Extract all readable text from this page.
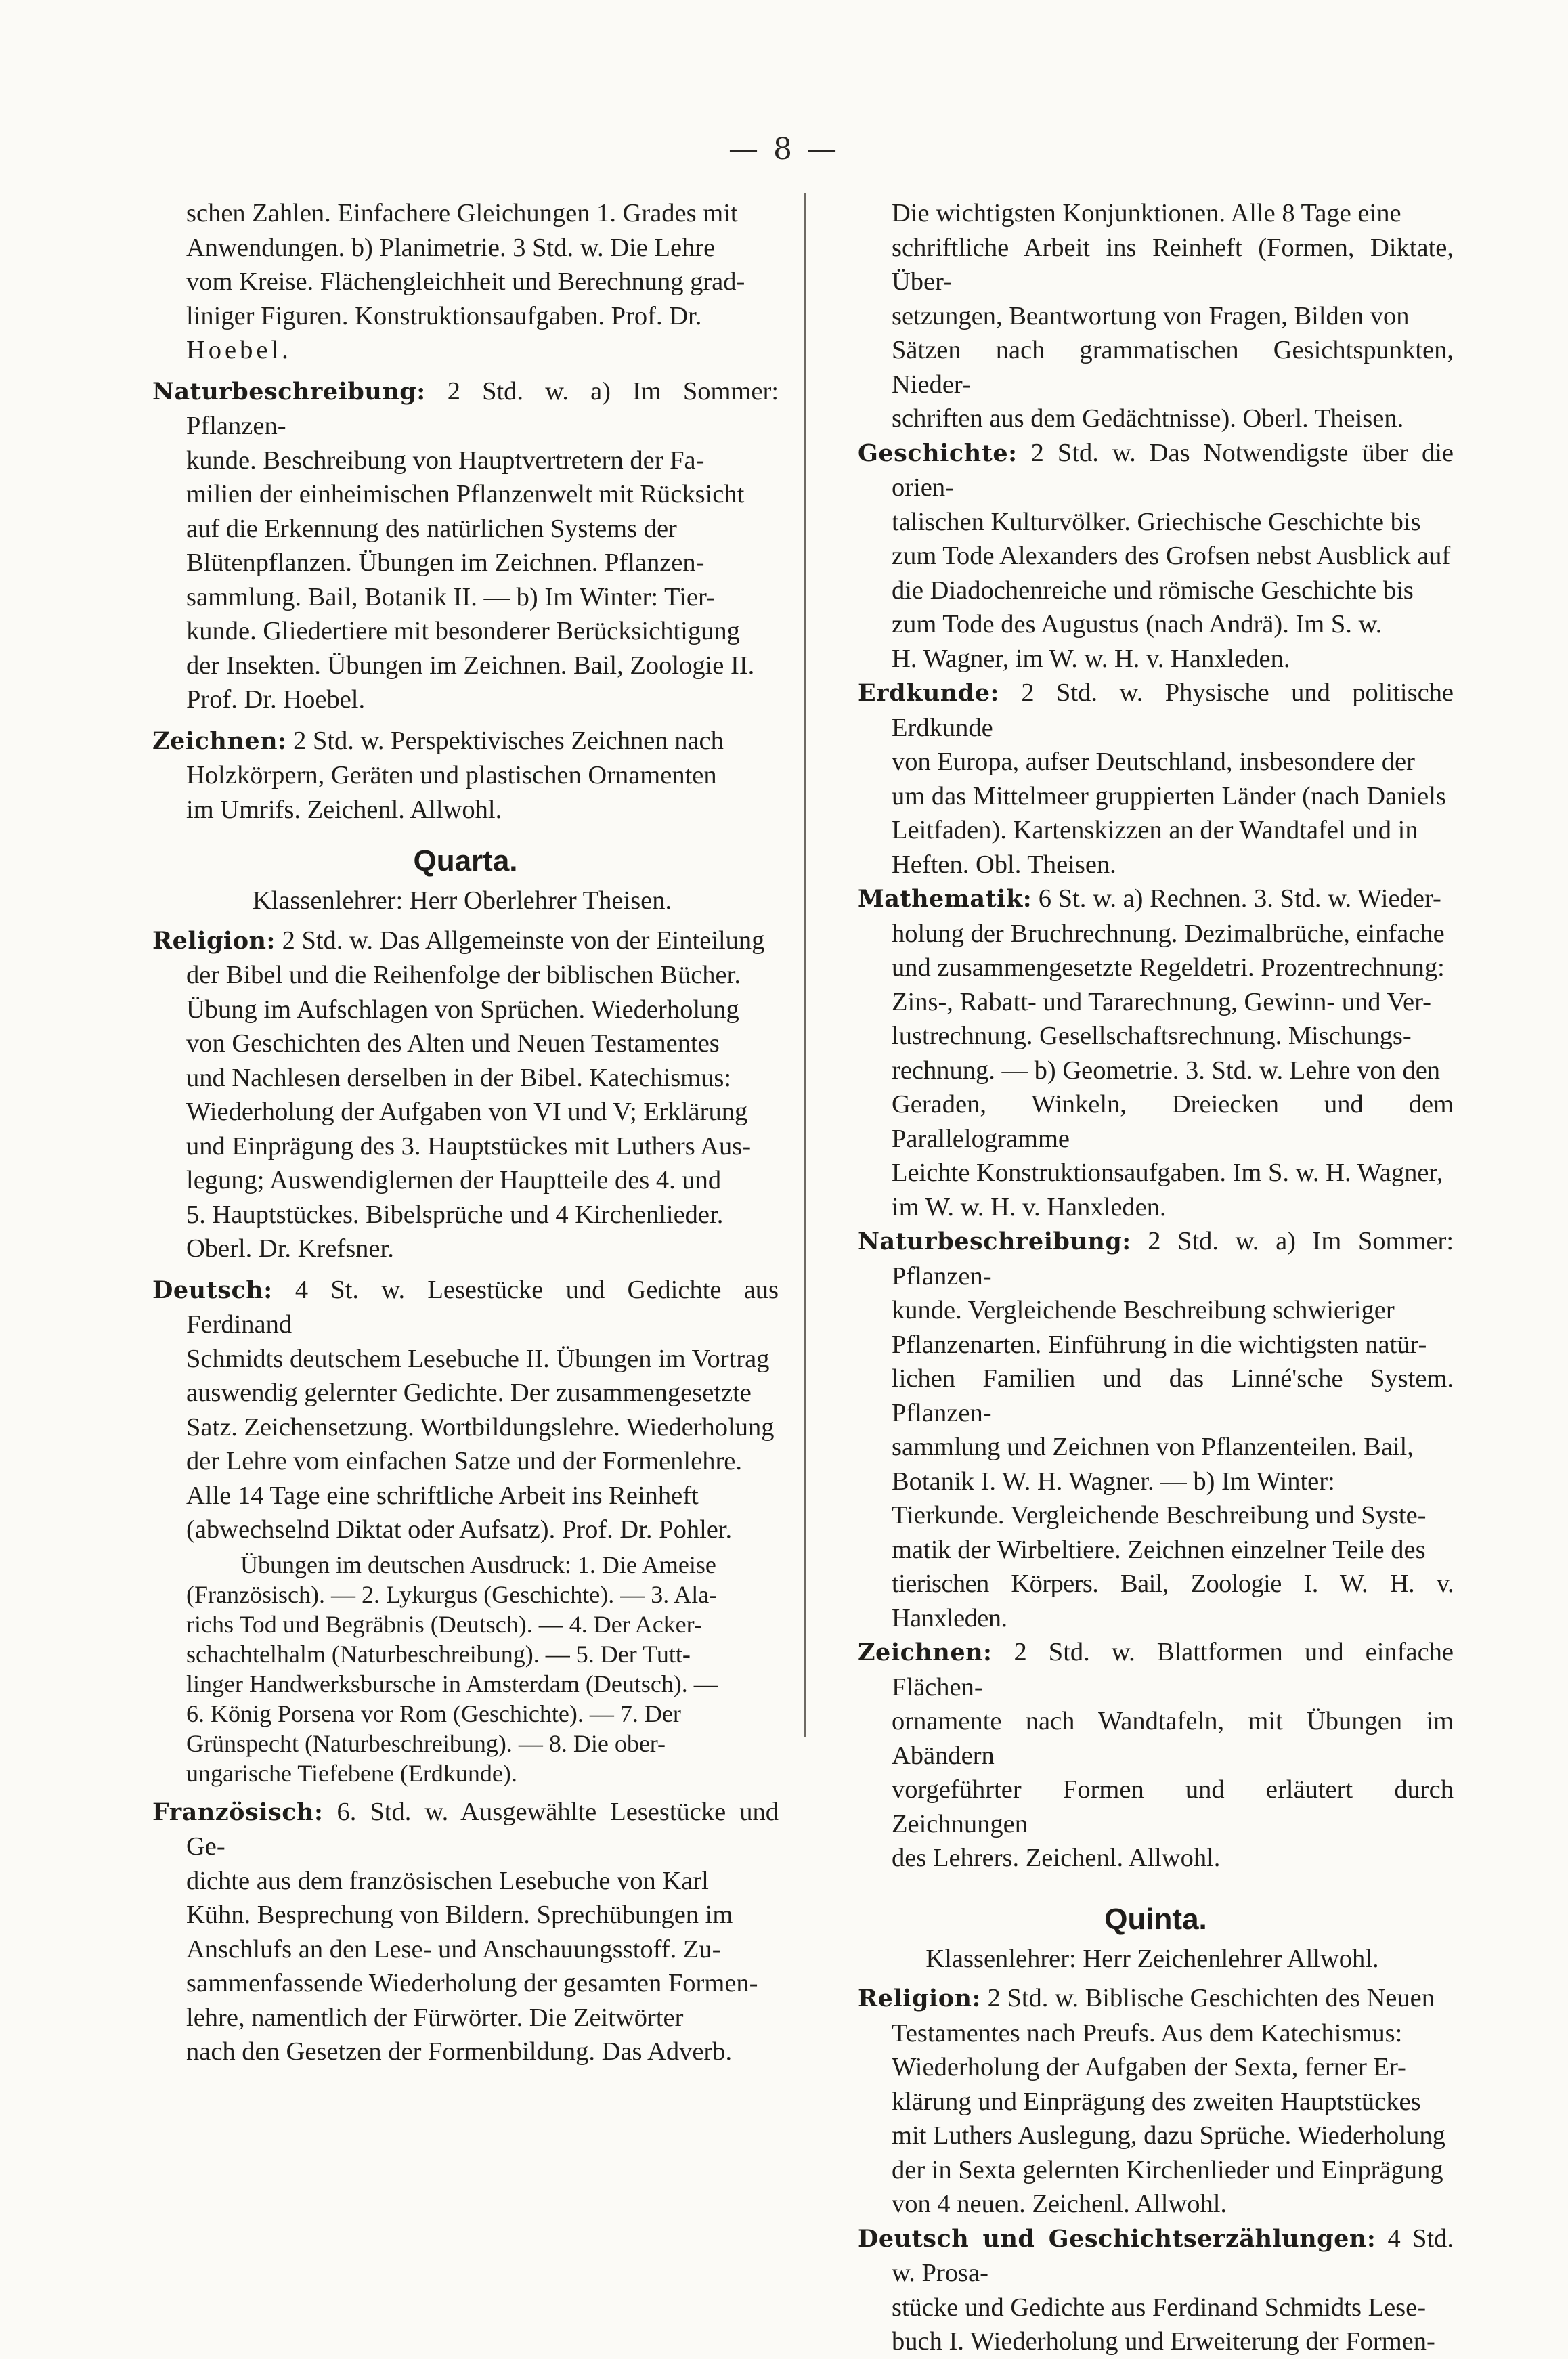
— 8 —
schen Zahlen. Einfachere Gleichungen 1. Grades mit
Anwendungen. b) Planimetrie. 3 Std. w. Die Lehre
vom Kreise. Flächengleichheit und Berechnung grad-
liniger Figuren. Konstruktionsaufgaben. Prof. Dr.
Hoebel.
Naturbeschreibung: 2 Std. w. a) Im Sommer: Pflanzen-
kunde. Beschreibung von Hauptvertretern der Fa-
milien der einheimischen Pflanzenwelt mit Rücksicht
auf die Erkennung des natürlichen Systems der
Blütenpflanzen. Übungen im Zeichnen. Pflanzen-
sammlung. Bail, Botanik II. — b) Im Winter: Tier-
kunde. Gliedertiere mit besonderer Berücksichtigung
der Insekten. Übungen im Zeichnen. Bail, Zoologie II.
Prof. Dr. Hoebel.
Zeichnen: 2 Std. w. Perspektivisches Zeichnen nach
Holzkörpern, Geräten und plastischen Ornamenten
im Umrifs. Zeichenl. Allwohl.
Quarta.
Klassenlehrer: Herr Oberlehrer Theisen.
Religion: 2 Std. w. Das Allgemeinste von der Einteilung
der Bibel und die Reihenfolge der biblischen Bücher.
Übung im Aufschlagen von Sprüchen. Wiederholung
von Geschichten des Alten und Neuen Testamentes
und Nachlesen derselben in der Bibel. Katechismus:
Wiederholung der Aufgaben von VI und V; Erklärung
und Einprägung des 3. Hauptstückes mit Luthers Aus-
legung; Auswendiglernen der Hauptteile des 4. und
5. Hauptstückes. Bibelsprüche und 4 Kirchenlieder.
Oberl. Dr. Krefsner.
Deutsch: 4 St. w. Lesestücke und Gedichte aus Ferdinand
Schmidts deutschem Lesebuche II. Übungen im Vortrag
auswendig gelernter Gedichte. Der zusammengesetzte
Satz. Zeichensetzung. Wortbildungslehre. Wiederholung
der Lehre vom einfachen Satze und der Formenlehre.
Alle 14 Tage eine schriftliche Arbeit ins Reinheft
(abwechselnd Diktat oder Aufsatz). Prof. Dr. Pohler.
Übungen im deutschen Ausdruck: 1. Die Ameise
(Französisch). — 2. Lykurgus (Geschichte). — 3. Ala-
richs Tod und Begräbnis (Deutsch). — 4. Der Acker-
schachtelhalm (Naturbeschreibung). — 5. Der Tutt-
linger Handwerksbursche in Amsterdam (Deutsch). —
6. König Porsena vor Rom (Geschichte). — 7. Der
Grünspecht (Naturbeschreibung). — 8. Die ober-
ungarische Tiefebene (Erdkunde).
Französisch: 6. Std. w. Ausgewählte Lesestücke und Ge-
dichte aus dem französischen Lesebuche von Karl
Kühn. Besprechung von Bildern. Sprechübungen im
Anschlufs an den Lese- und Anschauungsstoff. Zu-
sammenfassende Wiederholung der gesamten Formen-
lehre, namentlich der Fürwörter. Die Zeitwörter
nach den Gesetzen der Formenbildung. Das Adverb.
Die wichtigsten Konjunktionen. Alle 8 Tage eine
schriftliche Arbeit ins Reinheft (Formen, Diktate, Über-
setzungen, Beantwortung von Fragen, Bilden von
Sätzen nach grammatischen Gesichtspunkten, Nieder-
schriften aus dem Gedächtnisse). Oberl. Theisen.
Geschichte: 2 Std. w. Das Notwendigste über die orien-
talischen Kulturvölker. Griechische Geschichte bis
zum Tode Alexanders des Grofsen nebst Ausblick auf
die Diadochenreiche und römische Geschichte bis
zum Tode des Augustus (nach Andrä). Im S. w.
H. Wagner, im W. w. H. v. Hanxleden.
Erdkunde: 2 Std. w. Physische und politische Erdkunde
von Europa, aufser Deutschland, insbesondere der
um das Mittelmeer gruppierten Länder (nach Daniels
Leitfaden). Kartenskizzen an der Wandtafel und in
Heften. Obl. Theisen.
Mathematik: 6 St. w. a) Rechnen. 3. Std. w. Wieder-
holung der Bruchrechnung. Dezimalbrüche, einfache
und zusammengesetzte Regeldetri. Prozentrechnung:
Zins-, Rabatt- und Tararechnung, Gewinn- und Ver-
lustrechnung. Gesellschaftsrechnung. Mischungs-
rechnung. — b) Geometrie. 3. Std. w. Lehre von den
Geraden, Winkeln, Dreiecken und dem Parallelogramme
Leichte Konstruktionsaufgaben. Im S. w. H. Wagner,
im W. w. H. v. Hanxleden.
Naturbeschreibung: 2 Std. w. a) Im Sommer: Pflanzen-
kunde. Vergleichende Beschreibung schwieriger
Pflanzenarten. Einführung in die wichtigsten natür-
lichen Familien und das Linné'sche System. Pflanzen-
sammlung und Zeichnen von Pflanzenteilen. Bail,
Botanik I. W. H. Wagner. — b) Im Winter:
Tierkunde. Vergleichende Beschreibung und Syste-
matik der Wirbeltiere. Zeichnen einzelner Teile des
tierischen Körpers. Bail, Zoologie I. W. H. v. Hanxleden.
Zeichnen: 2 Std. w. Blattformen und einfache Flächen-
ornamente nach Wandtafeln, mit Übungen im Abändern
vorgeführter Formen und erläutert durch Zeichnungen
des Lehrers. Zeichenl. Allwohl.
Quinta.
Klassenlehrer: Herr Zeichenlehrer Allwohl.
Religion: 2 Std. w. Biblische Geschichten des Neuen
Testamentes nach Preufs. Aus dem Katechismus:
Wiederholung der Aufgaben der Sexta, ferner Er-
klärung und Einprägung des zweiten Hauptstückes
mit Luthers Auslegung, dazu Sprüche. Wiederholung
der in Sexta gelernten Kirchenlieder und Einprägung
von 4 neuen. Zeichenl. Allwohl.
Deutsch und Geschichtserzählungen: 4 Std. w. Prosa-
stücke und Gedichte aus Ferdinand Schmidts Lese-
buch I. Wiederholung und Erweiterung der Formen-
